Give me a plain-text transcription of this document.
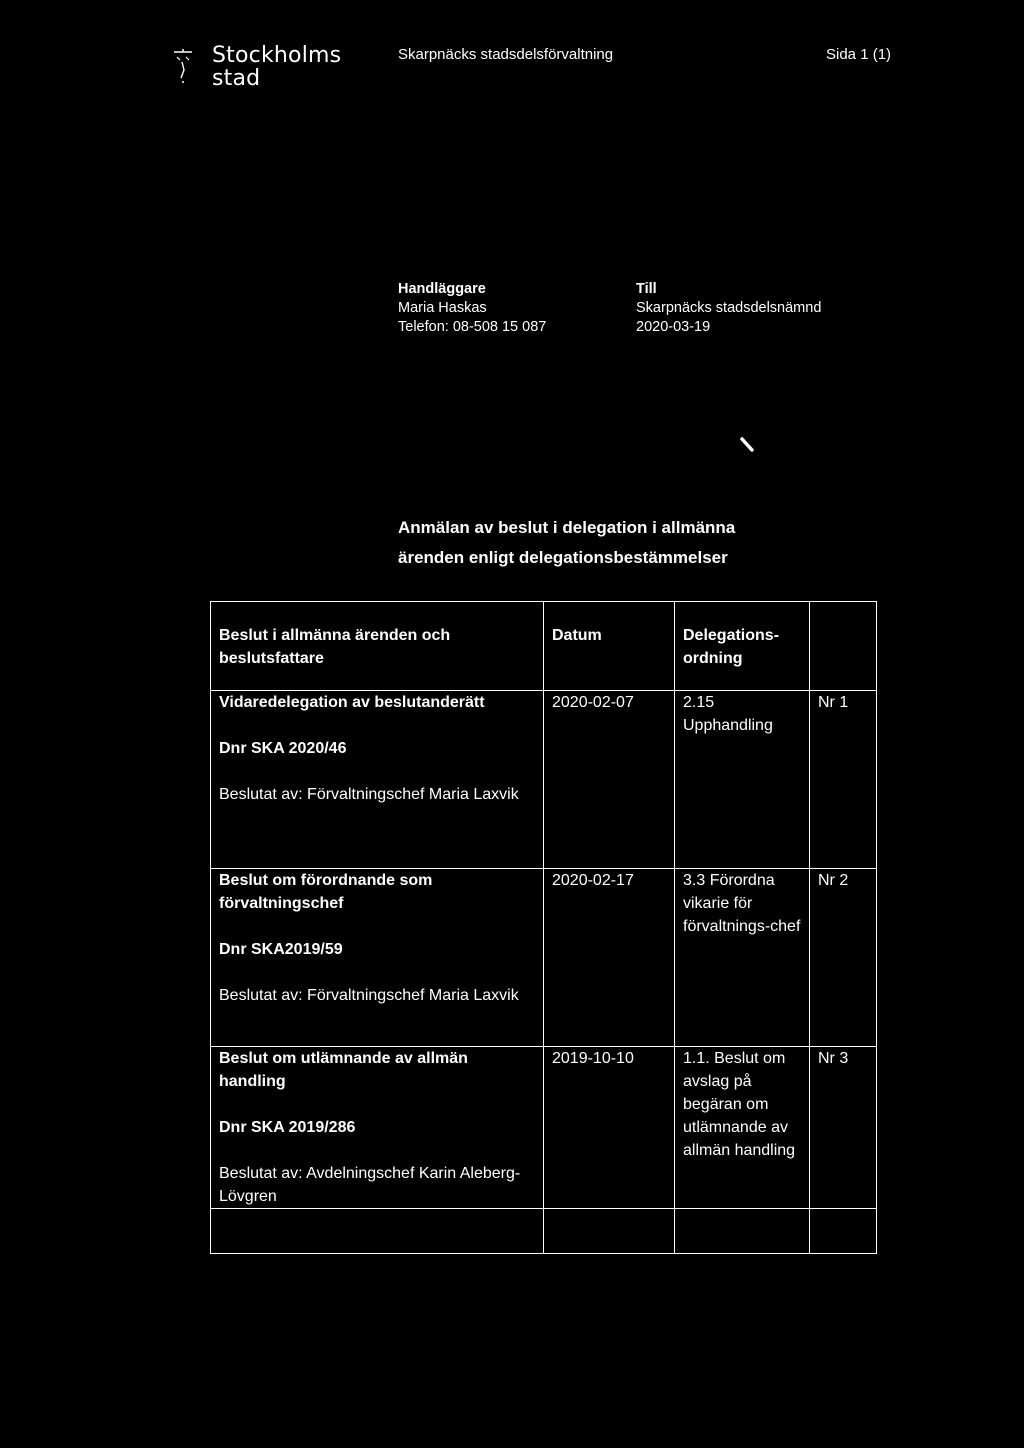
Stockholms
stad
Skarpnäcks stadsdelsförvaltning	Sida 1 (1)
Handläggare
Maria Haskas
Telefon: 08-508 15 087
Till
Skarpnäcks stadsdelsnämnd
2020-03-19
Anmälan av beslut i delegation i allmänna
ärenden enligt delegationsbestämmelser
Beslut i allmänna ärenden och beslutsfattare	Datum	Delegations-ordning	

Vidaredelegation av beslutanderätt
Dnr SKA 2020/46
Beslutat av: Förvaltningschef Maria Laxvik	2020-02-07	2.15 Upphandling	Nr 1

Beslut om förordnande som förvaltningschef
Dnr SKA2019/59
Beslutat av: Förvaltningschef Maria Laxvik	2020-02-17	3.3 Förordna vikarie för förvaltnings-chef	Nr 2

Beslut om utlämnande av allmän handling
Dnr SKA 2019/286
Beslutat av: Avdelningschef Karin Aleberg-Lövgren	2019-10-10	1.1. Beslut om avslag på begäran om utlämnande av allmän handling	Nr 3
